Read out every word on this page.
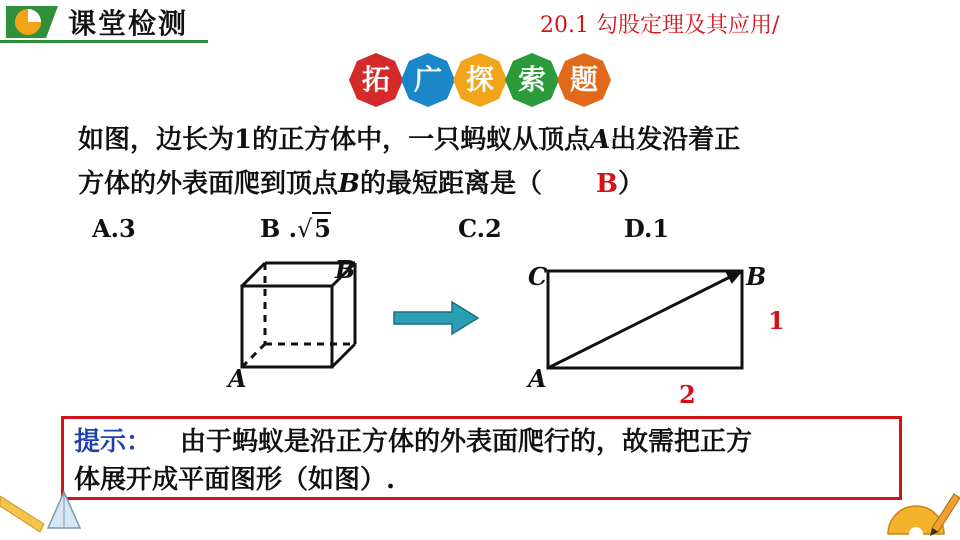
课堂检测	20.1 勾股定理及其应用/
拓 广 探 索 题
如图，边长为1的正方体中，一只蚂蚁从顶点A出发沿着正
方体的外表面爬到顶点B的最短距离是（ B）
A.3	B .√5	C.2	D.1
B
A
C	B
A
1
2
提示： 由于蚂蚁是沿正方体的外表面爬行的，故需把正方
体展开成平面图形（如图）.
